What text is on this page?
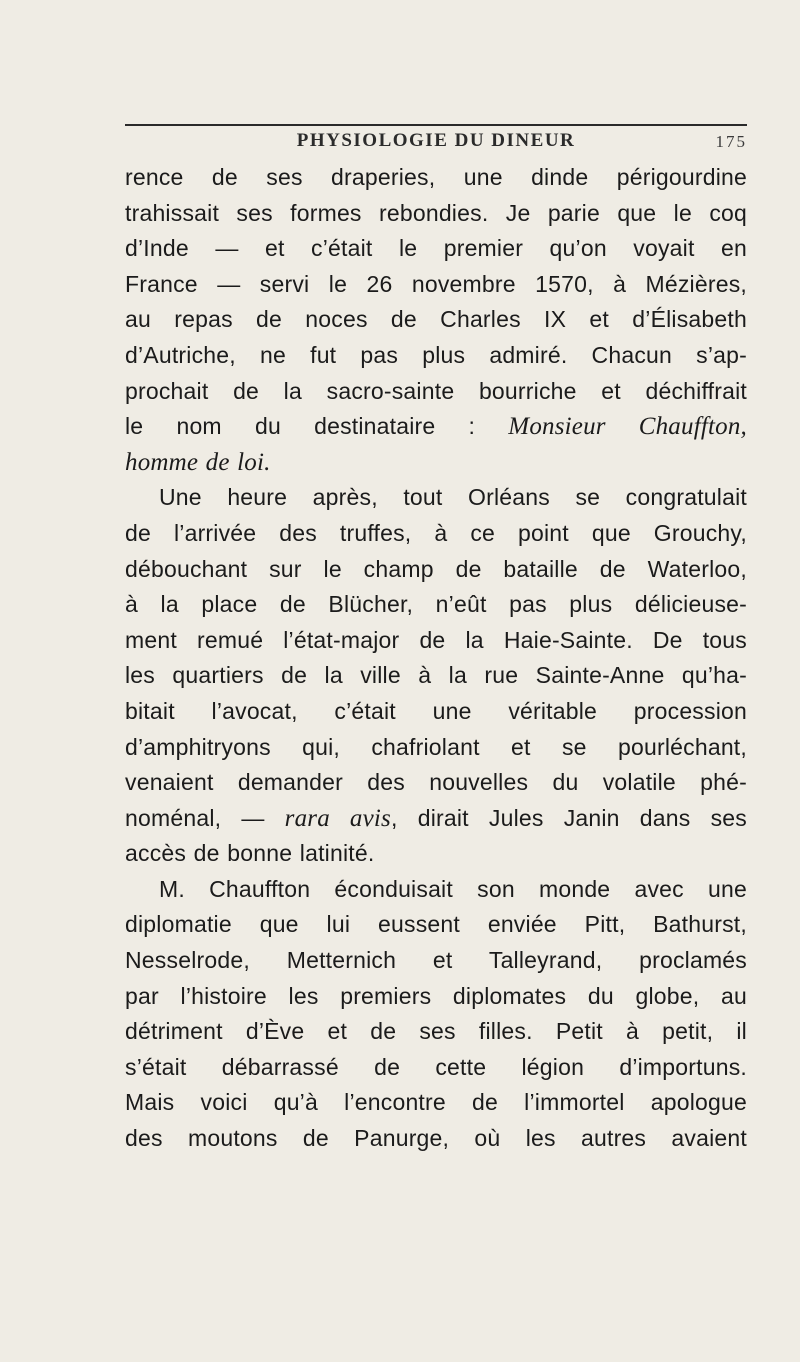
PHYSIOLOGIE DU DINEUR	175
rence de ses draperies, une dinde périgourdine
trahissait ses formes rebondies. Je parie que le coq
d’Inde — et c’était le premier qu’on voyait en
France — servi le 26 novembre 1570, à Mézières,
au repas de noces de Charles IX et d’Élisabeth
d’Autriche, ne fut pas plus admiré. Chacun s’ap-
prochait de la sacro-sainte bourriche et déchiffrait
le nom du destinataire : Monsieur Chauffton,
homme de loi.
Une heure après, tout Orléans se congratulait
de l’arrivée des truffes, à ce point que Grouchy,
débouchant sur le champ de bataille de Waterloo,
à la place de Blücher, n’eût pas plus délicieuse-
ment remué l’état-major de la Haie-Sainte. De tous
les quartiers de la ville à la rue Sainte-Anne qu’ha-
bitait l’avocat, c’était une véritable procession
d’amphitryons qui, chafriolant et se pourléchant,
venaient demander des nouvelles du volatile phé-
noménal, — rara avis, dirait Jules Janin dans ses
accès de bonne latinité.
M. Chauffton éconduisait son monde avec une
diplomatie que lui eussent enviée Pitt, Bathurst,
Nesselrode, Metternich et Talleyrand, proclamés
par l’histoire les premiers diplomates du globe, au
détriment d’Ève et de ses filles. Petit à petit, il
s’était débarrassé de cette légion d’importuns.
Mais voici qu’à l’encontre de l’immortel apologue
des moutons de Panurge, où les autres avaient
